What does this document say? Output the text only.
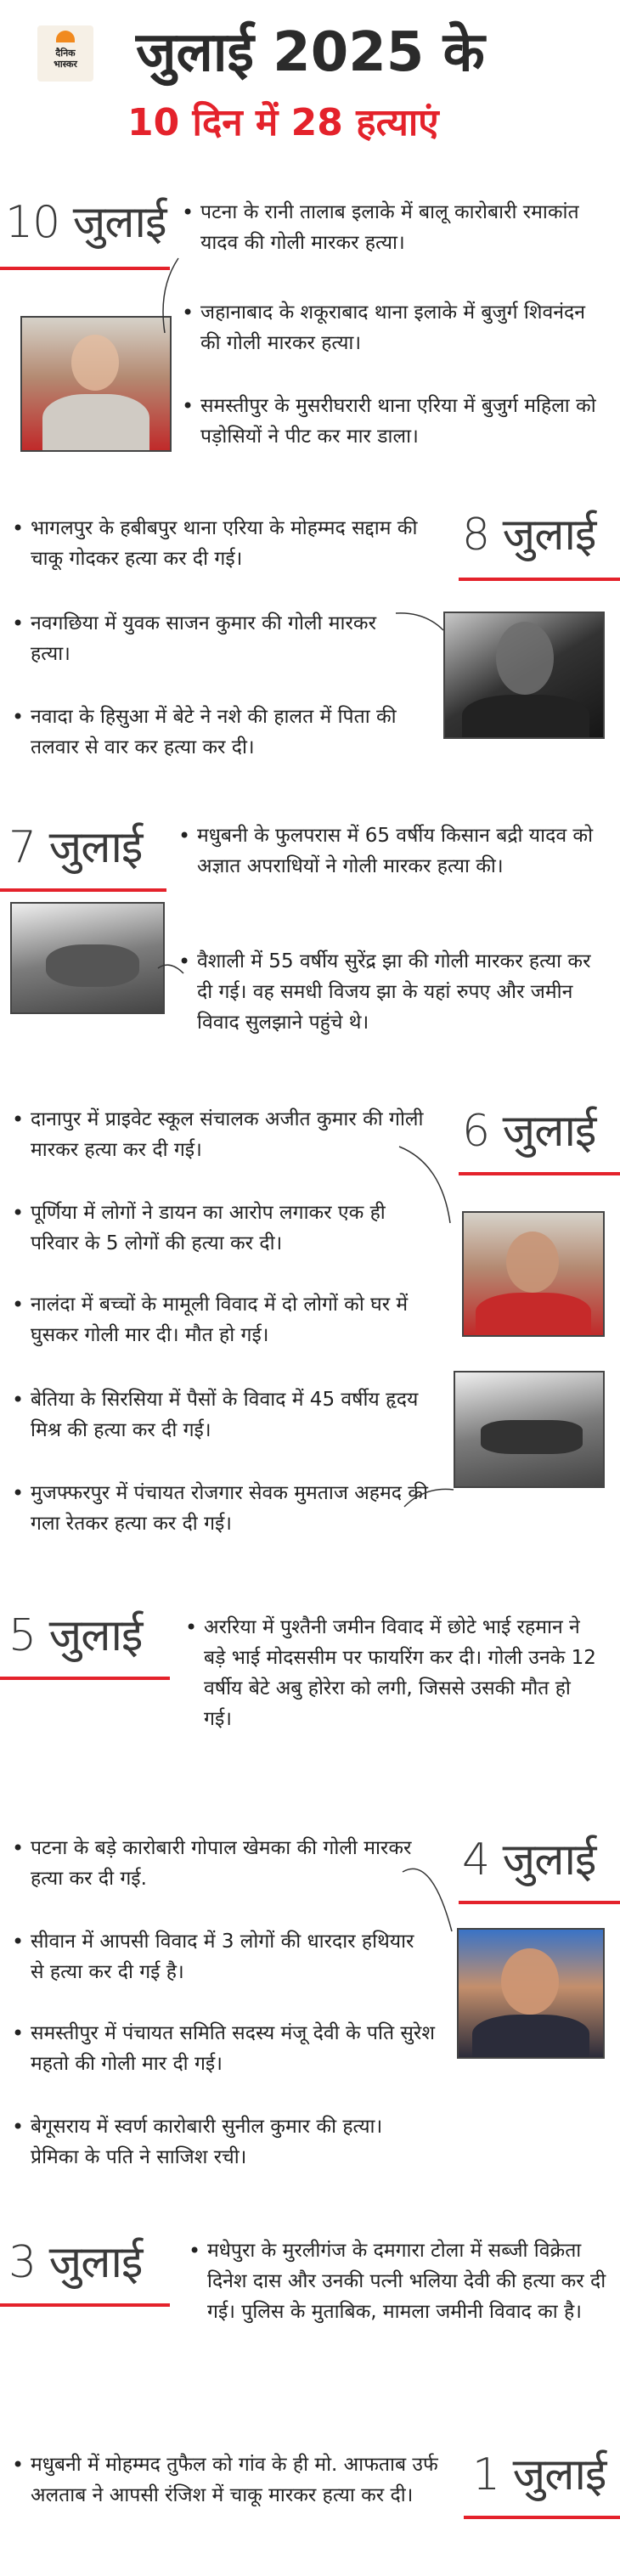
दैनिक
भास्कर जुलाई 2025 के
10 दिन में 28 हत्याएं
10 जुलाई • पटना के रानी तालाब इलाके में बालू कारोबारी रमाकांत यादव की गोली मारकर हत्या।
• जहानाबाद के शकूराबाद थाना इलाके में बुजुर्ग शिवनंदन की गोली मारकर हत्या।
• समस्तीपुर के मुसरीघरारी थाना एरिया में बुजुर्ग महिला को पड़ोसियों ने पीट कर मार डाला।
8 जुलाई
• भागलपुर के हबीबपुर थाना एरिया के मोहम्मद सद्दाम की चाकू गोदकर हत्या कर दी गई।
• नवगछिया में युवक साजन कुमार की गोली मारकर हत्या।
• नवादा के हिसुआ में बेटे ने नशे की हालत में पिता की तलवार से वार कर हत्या कर दी।
7 जुलाई • मधुबनी के फुलपरास में 65 वर्षीय किसान बद्री यादव को अज्ञात अपराधियों ने गोली मारकर हत्या की।
• वैशाली में 55 वर्षीय सुरेंद्र झा की गोली मारकर हत्या कर दी गई। वह समधी विजय झा के यहां रुपए और जमीन विवाद सुलझाने पहुंचे थे।
6 जुलाई
• दानापुर में प्राइवेट स्कूल संचालक अजीत कुमार की गोली मारकर हत्या कर दी गई।
• पूर्णिया में लोगों ने डायन का आरोप लगाकर एक ही परिवार के 5 लोगों की हत्या कर दी।
• नालंदा में बच्चों के मामूली विवाद में दो लोगों को घर में घुसकर गोली मार दी। मौत हो गई।
• बेतिया के सिरसिया में पैसों के विवाद में 45 वर्षीय हृदय मिश्र की हत्या कर दी गई।
• मुजफ्फरपुर में पंचायत रोजगार सेवक मुमताज अहमद की गला रेतकर हत्या कर दी गई।
5 जुलाई • अररिया में पुश्तैनी जमीन विवाद में छोटे भाई रहमान ने बड़े भाई मोदससीम पर फायरिंग कर दी। गोली उनके 12 वर्षीय बेटे अबु होरेरा को लगी, जिससे उसकी मौत हो गई।
4 जुलाई
• पटना के बड़े कारोबारी गोपाल खेमका की गोली मारकर हत्या कर दी गई.
• सीवान में आपसी विवाद में 3 लोगों की धारदार हथियार से हत्या कर दी गई है।
• समस्तीपुर में पंचायत समिति सदस्य मंजू देवी के पति सुरेश महतो की गोली मार दी गई।
• बेगूसराय में स्वर्ण कारोबारी सुनील कुमार की हत्या। प्रेमिका के पति ने साजिश रची।
3 जुलाई • मधेपुरा के मुरलीगंज के दमगारा टोला में सब्जी विक्रेता दिनेश दास और उनकी पत्नी भलिया देवी की हत्या कर दी गई। पुलिस के मुताबिक, मामला जमीनी विवाद का है।
1 जुलाई
• मधुबनी में मोहम्मद तुफैल को गांव के ही मो. आफताब उर्फ अलताब ने आपसी रंजिश में चाकू मारकर हत्या कर दी।
